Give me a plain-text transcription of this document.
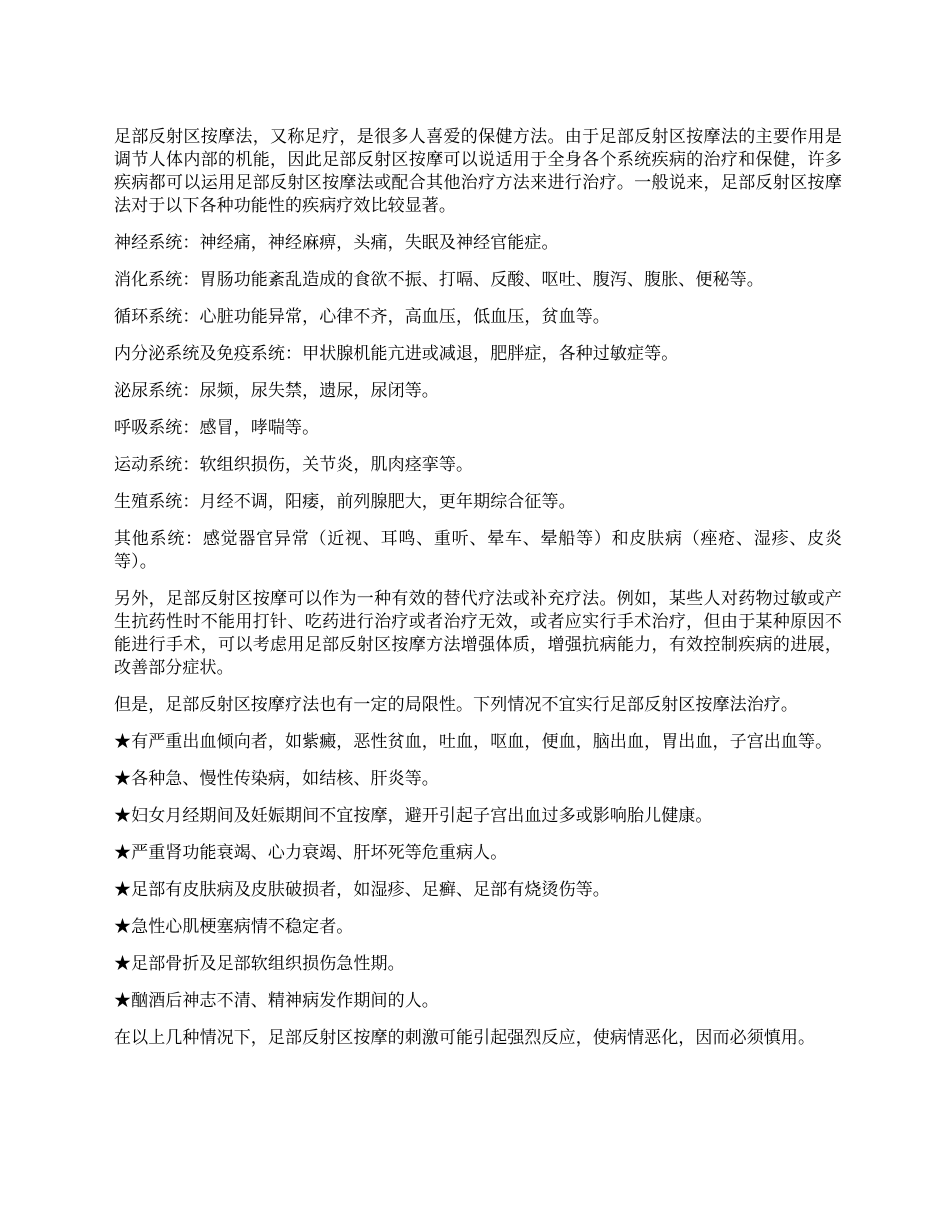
足部反射区按摩法，又称足疗，是很多人喜爱的保健方法。由于足部反射区按摩法的主要作用是调节人体内部的机能，因此足部反射区按摩可以说适用于全身各个系统疾病的治疗和保健，许多疾病都可以运用足部反射区按摩法或配合其他治疗方法来进行治疗。一般说来，足部反射区按摩法对于以下各种功能性的疾病疗效比较显著。

神经系统：神经痛，神经麻痹，头痛，失眠及神经官能症。

消化系统：胃肠功能紊乱造成的食欲不振、打嗝、反酸、呕吐、腹泻、腹胀、便秘等。

循环系统：心脏功能异常，心律不齐，高血压，低血压，贫血等。

内分泌系统及免疫系统：甲状腺机能亢进或减退，肥胖症，各种过敏症等。

泌尿系统：尿频，尿失禁，遗尿，尿闭等。

呼吸系统：感冒，哮喘等。

运动系统：软组织损伤，关节炎，肌肉痉挛等。

生殖系统：月经不调，阳痿，前列腺肥大，更年期综合征等。

其他系统：感觉器官异常（近视、耳鸣、重听、晕车、晕船等）和皮肤病（痤疮、湿疹、皮炎等）。

另外，足部反射区按摩可以作为一种有效的替代疗法或补充疗法。例如，某些人对药物过敏或产生抗药性时不能用打针、吃药进行治疗或者治疗无效，或者应实行手术治疗，但由于某种原因不能进行手术，可以考虑用足部反射区按摩方法增强体质，增强抗病能力，有效控制疾病的进展，改善部分症状。

但是，足部反射区按摩疗法也有一定的局限性。下列情况不宜实行足部反射区按摩法治疗。

★有严重出血倾向者，如紫癜，恶性贫血，吐血，呕血，便血，脑出血，胃出血，子宫出血等。

★各种急、慢性传染病，如结核、肝炎等。

★妇女月经期间及妊娠期间不宜按摩，避开引起子宫出血过多或影响胎儿健康。

★严重肾功能衰竭、心力衰竭、肝坏死等危重病人。

★足部有皮肤病及皮肤破损者，如湿疹、足癣、足部有烧烫伤等。

★急性心肌梗塞病情不稳定者。

★足部骨折及足部软组织损伤急性期。

★酗酒后神志不清、精神病发作期间的人。

在以上几种情况下，足部反射区按摩的刺激可能引起强烈反应，使病情恶化，因而必须慎用。
